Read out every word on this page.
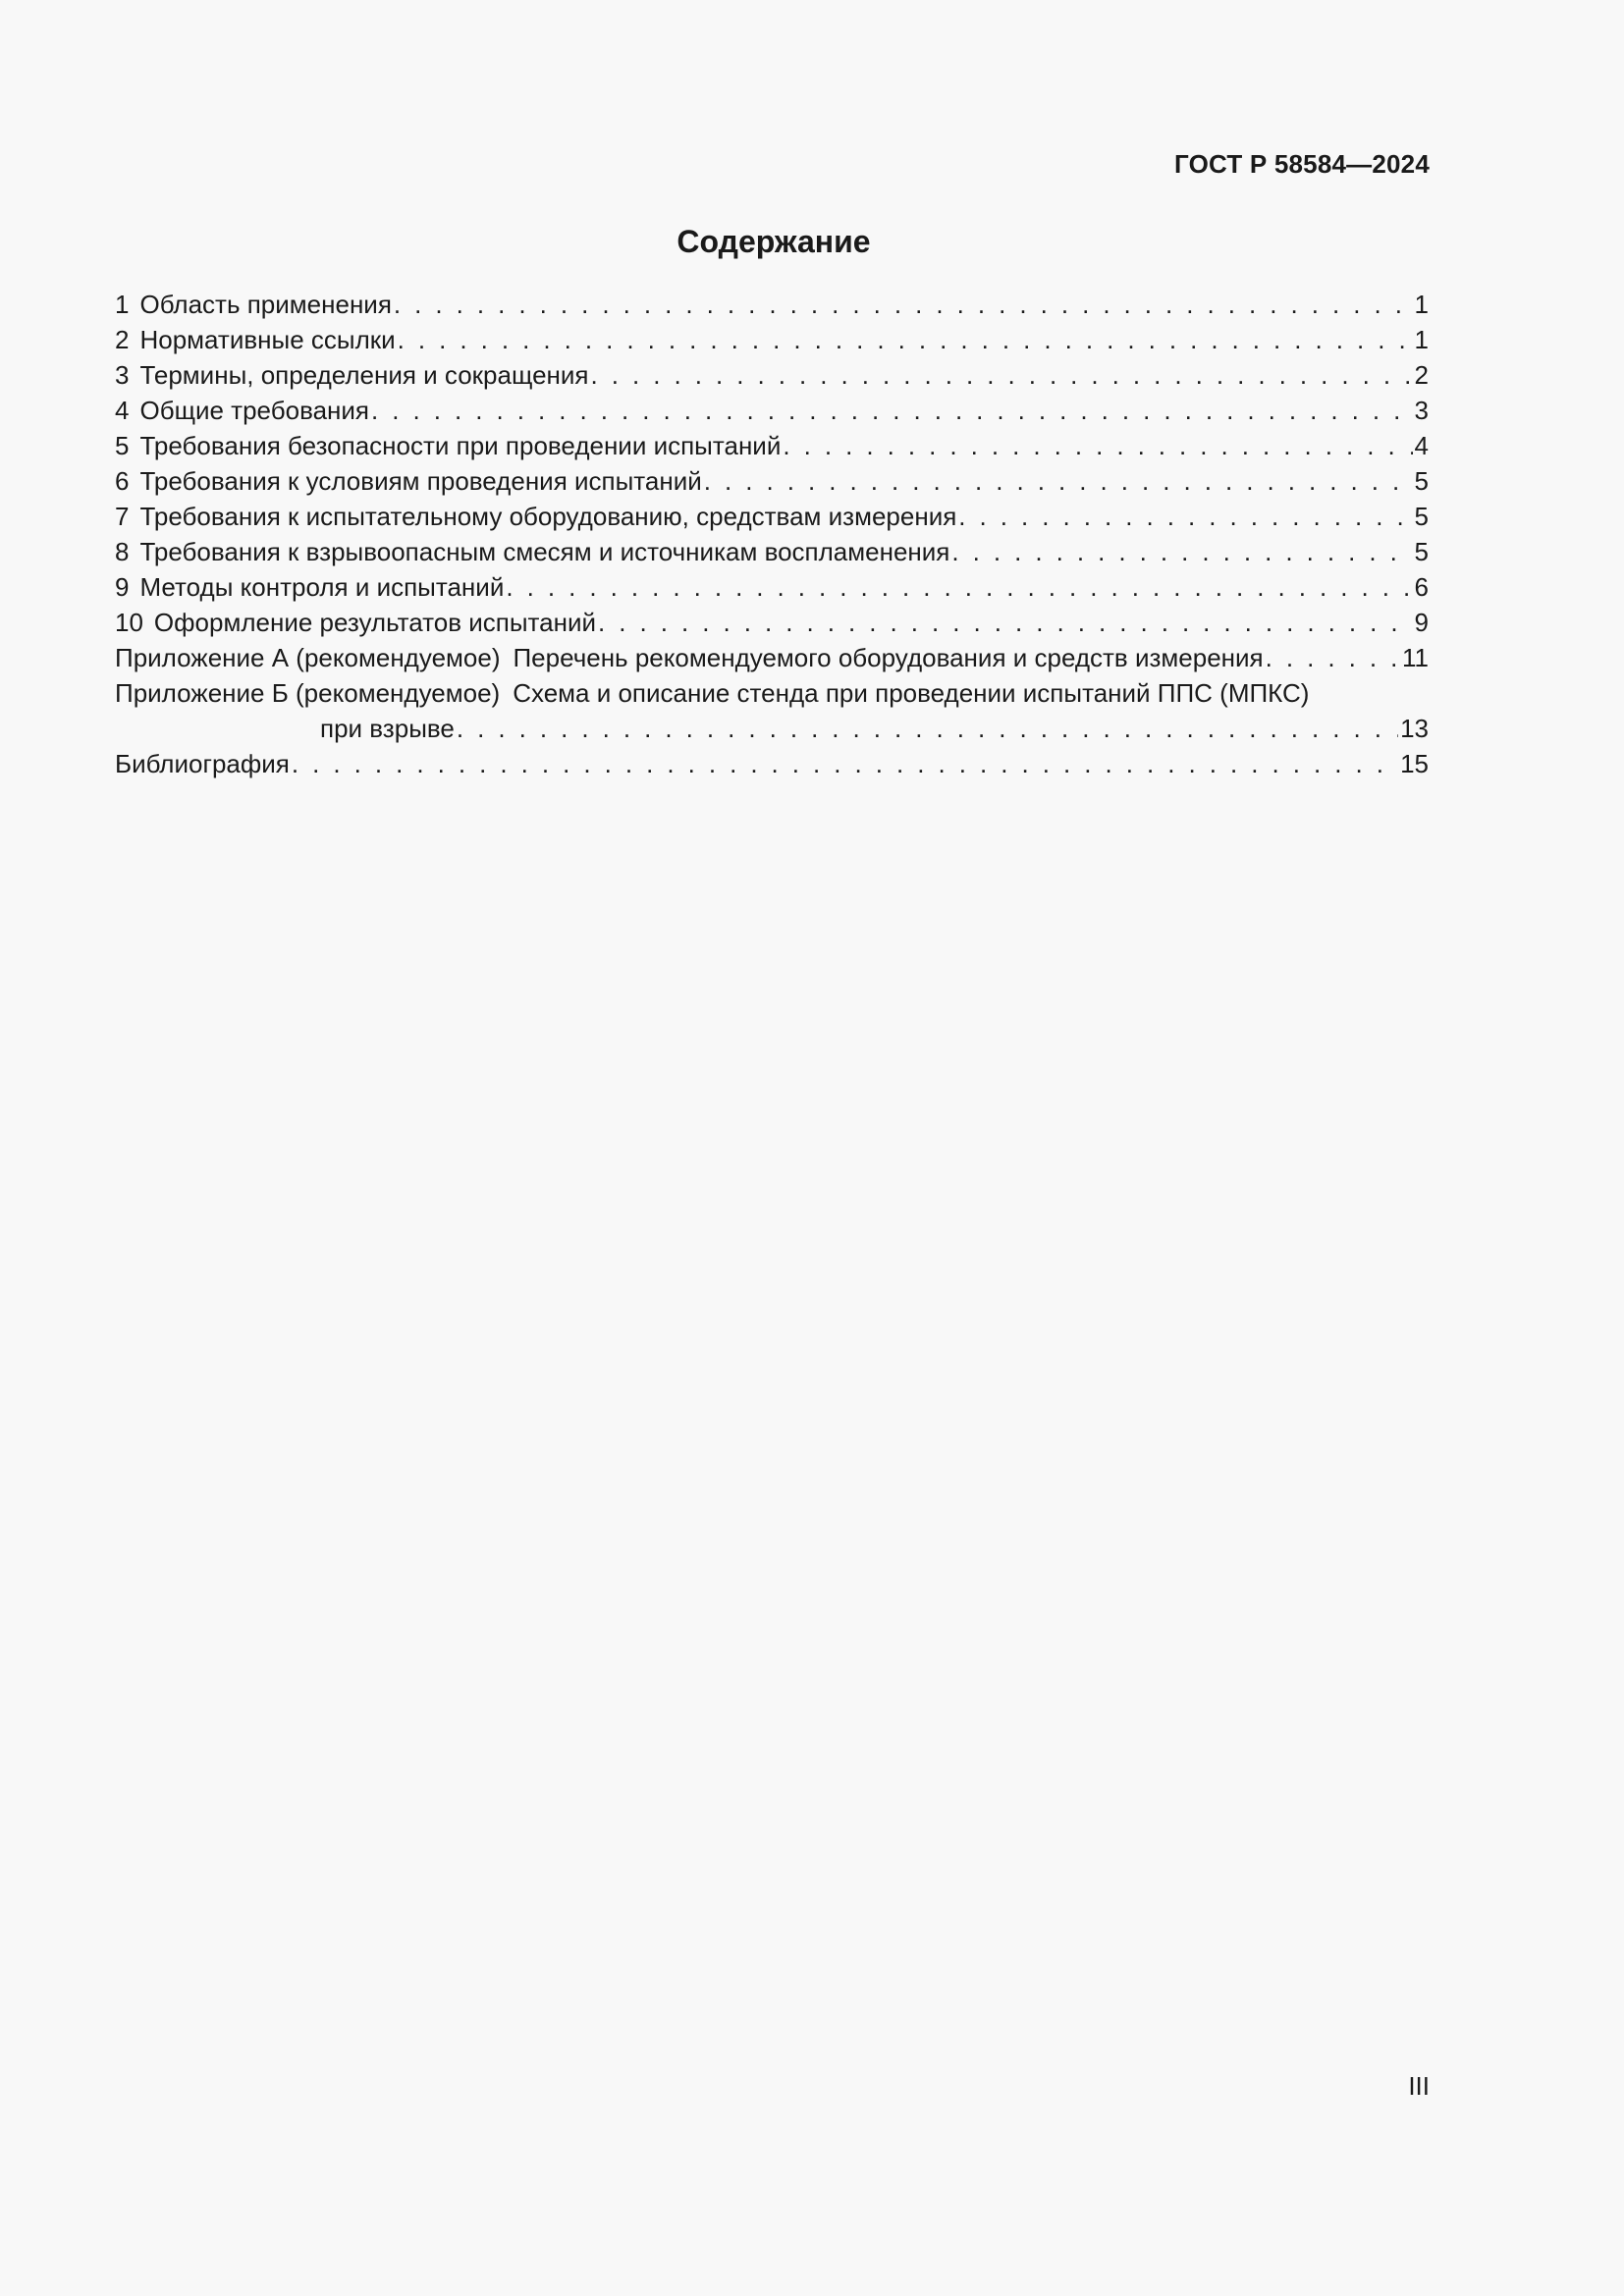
ГОСТ Р 58584—2024
Содержание
1 Область применения . . .	1
2 Нормативные ссылки . . .	1
3 Термины, определения и сокращения . . .	2
4 Общие требования . . .	3
5 Требования безопасности при проведении испытаний . . .	4
6 Требования к условиям проведения испытаний . . .	5
7 Требования к испытательному оборудованию, средствам измерения . . .	5
8 Требования к взрывоопасным смесям и источникам воспламенения . . .	5
9 Методы контроля и испытаний . . .	6
10 Оформление результатов испытаний . . .	9
Приложение А (рекомендуемое) Перечень рекомендуемого оборудования и средств измерения . . .	11
Приложение Б (рекомендуемое) Схема и описание стенда при проведении испытаний ППС (МПКС)
при взрыве . . .	13
Библиография . . .	15
III
